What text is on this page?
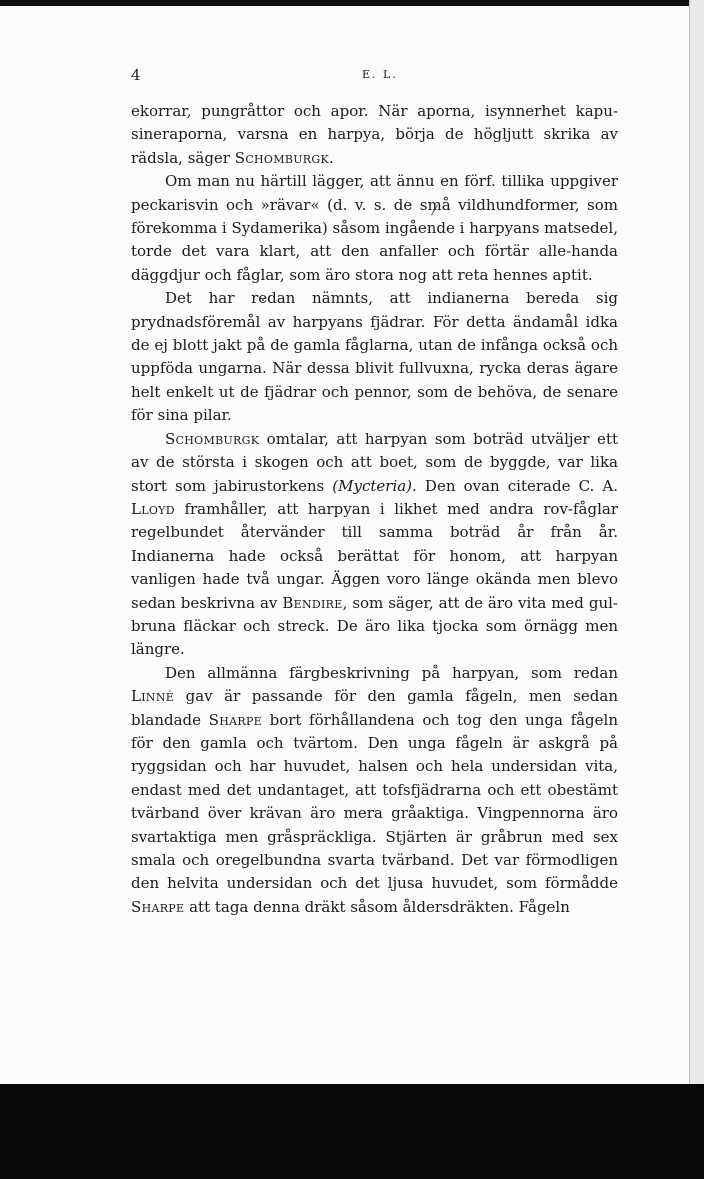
4	E. L.

ekorrar, pungråttor och apor. När aporna, isynnerhet kapu-sineraporna, varsna en harpya, börja de högljutt skrika av rädsla, säger Schomburgk.

Om man nu härtill lägger, att ännu en förf. tillika uppgiver peckarisvin och »rävar« (d. v. s. de små vildhundformer, som förekomma i Sydamerika) såsom ingående i harpyans matsedel, torde det vara klart, att den anfaller och förtär alle-handa däggdjur och fåglar, som äro stora nog att reta hennes aptit.

Det har redan nämnts, att indianerna bereda sig prydnadsföremål av harpyans fjädrar. För detta ändamål idka de ej blott jakt på de gamla fåglarna, utan de infånga också och uppföda ungarna. När dessa blivit fullvuxna, rycka deras ägare helt enkelt ut de fjädrar och pennor, som de behöva, de senare för sina pilar.

Schomburgk omtalar, att harpyan som boträd utväljer ett av de största i skogen och att boet, som de byggde, var lika stort som jabirustorkens (Mycteria). Den ovan citerade C. A. Lloyd framhåller, att harpyan i likhet med andra rov-fåglar regelbundet återvänder till samma boträd år från år. Indianerna hade också berättat för honom, att harpyan vanligen hade två ungar. Äggen voro länge okända men blevo sedan beskrivna av Bendire, som säger, att de äro vita med gul-bruna fläckar och streck. De äro lika tjocka som örnägg men längre.

Den allmänna färgbeskrivning på harpyan, som redan Linné gav är passande för den gamla fågeln, men sedan blandade Sharpe bort förhållandena och tog den unga fågeln för den gamla och tvärtom. Den unga fågeln är askgrå på ryggsidan och har huvudet, halsen och hela undersidan vita, endast med det undantaget, att tofsfjädrarna och ett obestämt tvärband över krävan äro mera gråaktiga. Vingpennorna äro svartaktiga men gråspräckliga. Stjärten är gråbrun med sex smala och oregelbundna svarta tvärband. Det var förmodligen den helvita undersidan och det ljusa huvudet, som förmådde Sharpe att taga denna dräkt såsom åldersdräkten. Fågeln
